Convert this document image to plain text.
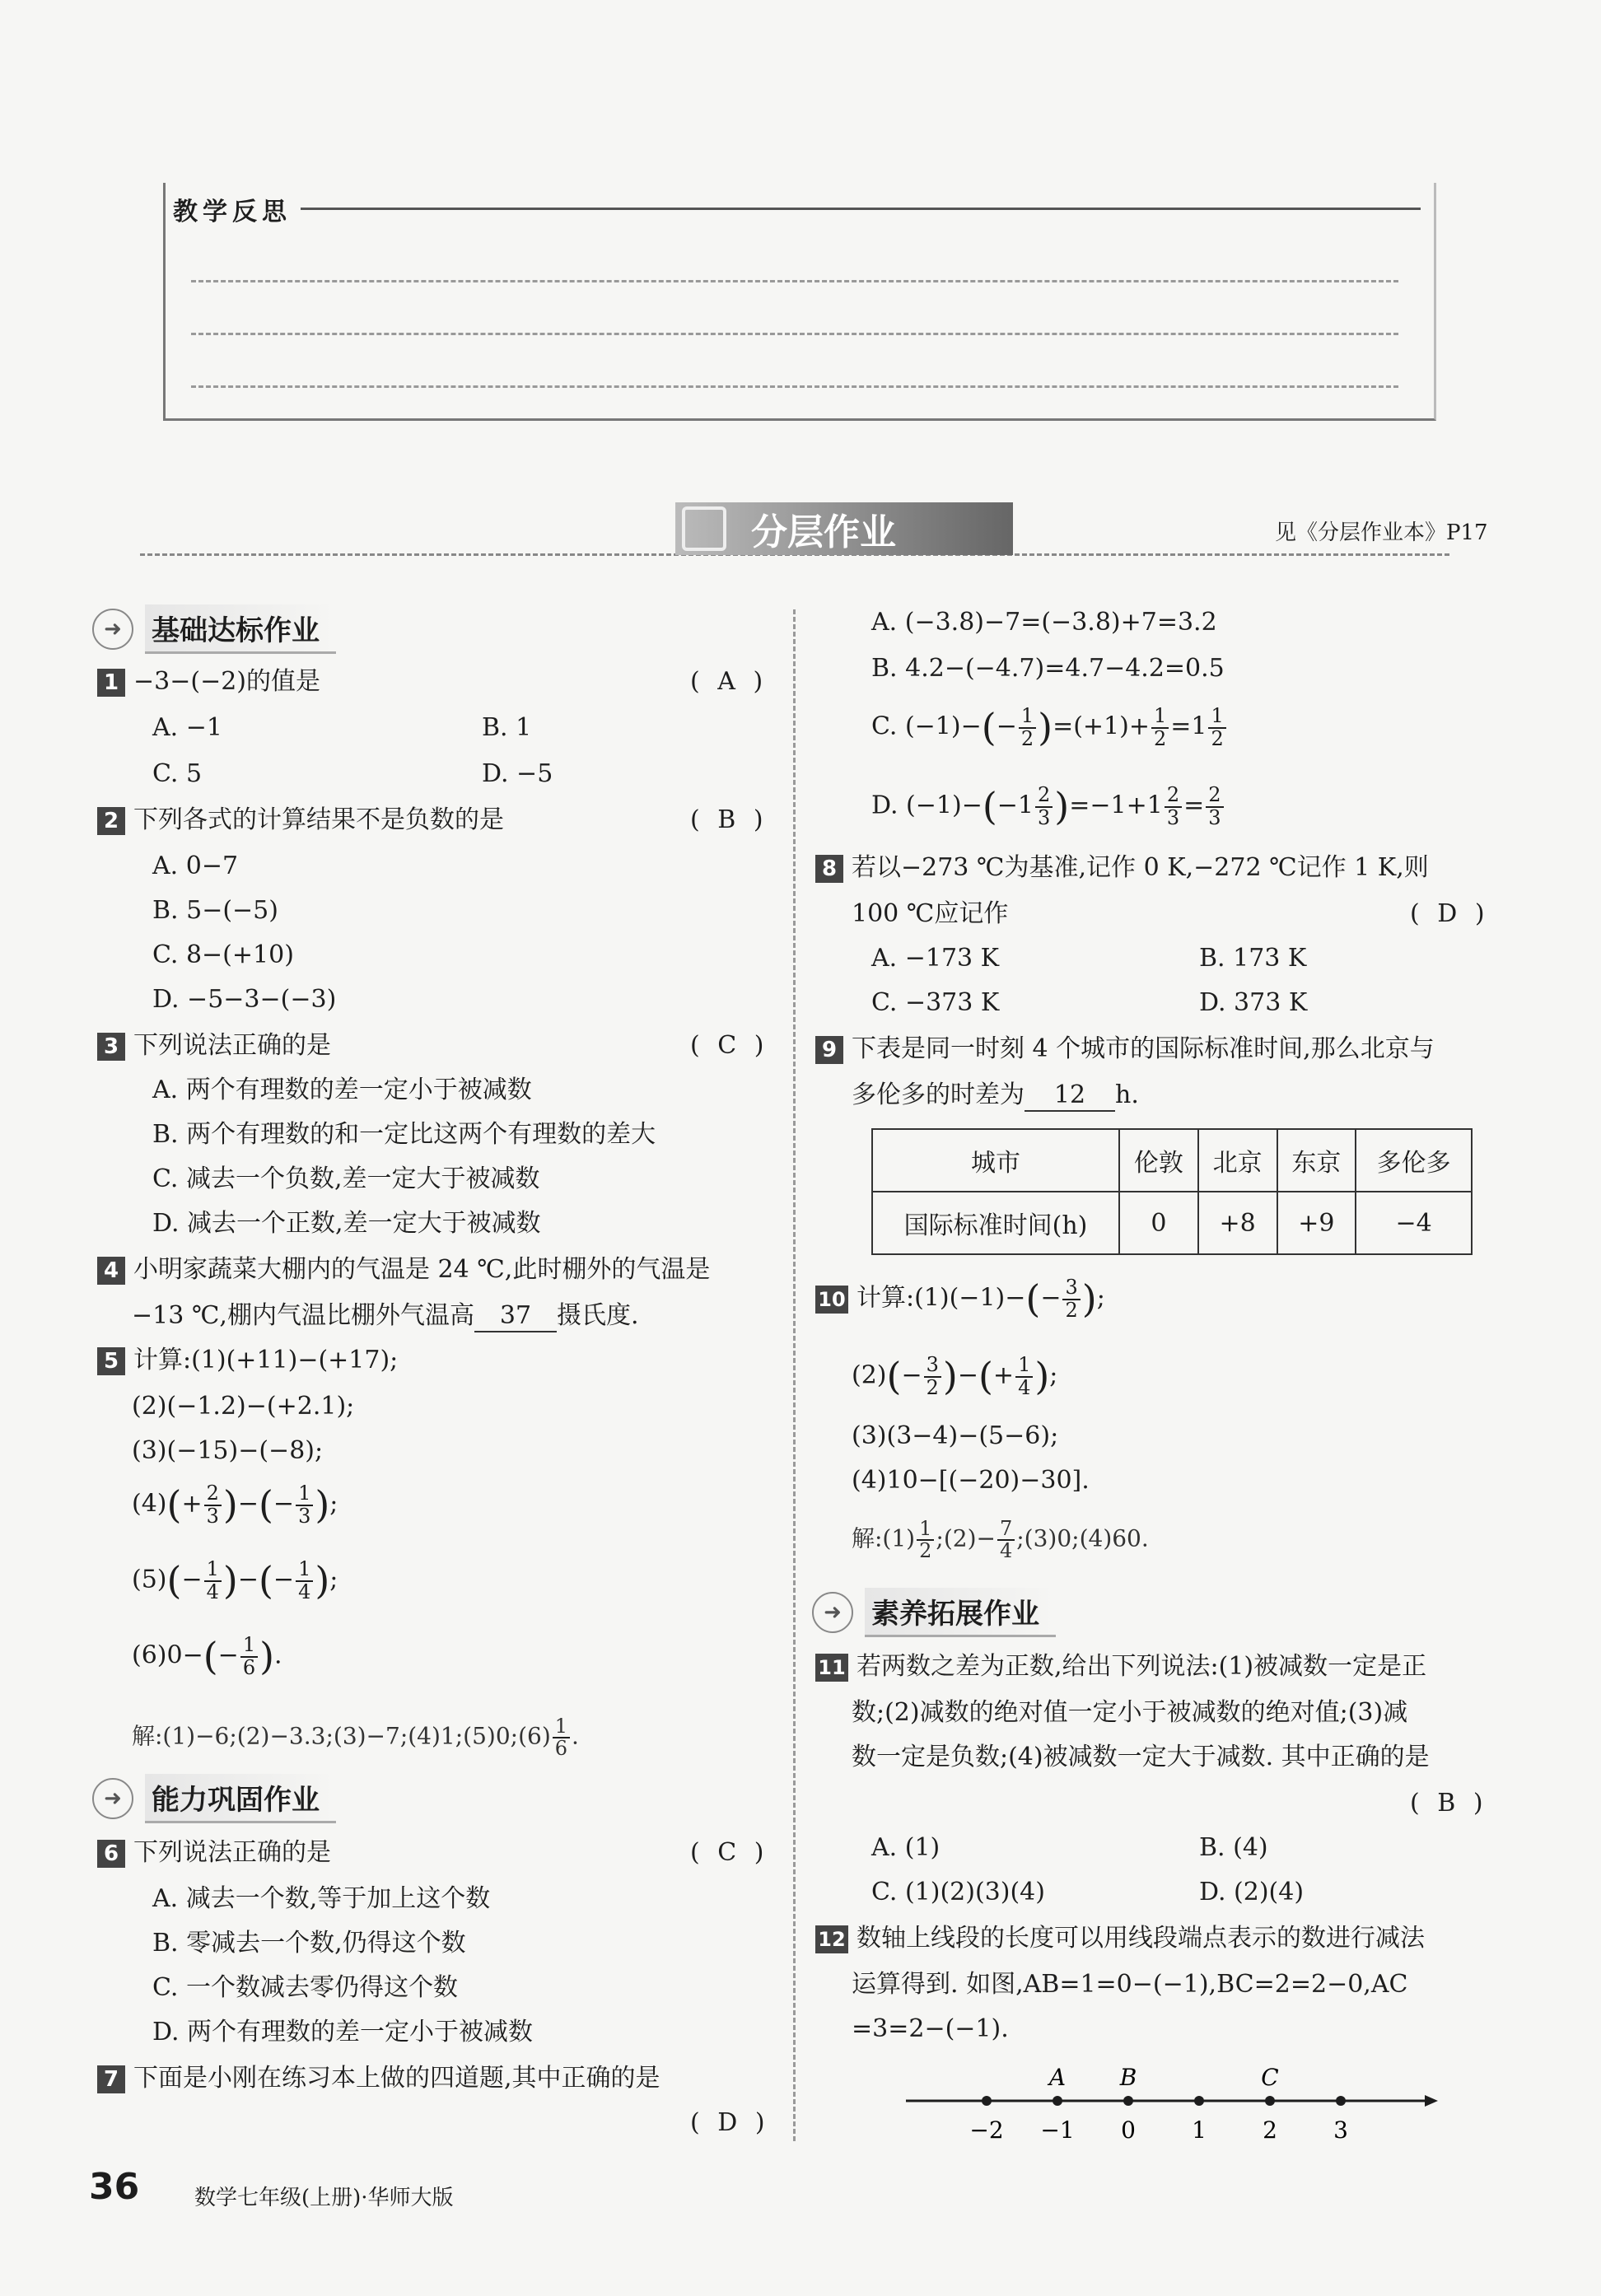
教学反思
分层作业	见《分层作业本》P17
➜	基础达标作业
1 −3−(−2)的值是	( A )
A. −1	B. 1
C. 5	D. −5
2 下列各式的计算结果不是负数的是	( B )
A. 0−7
B. 5−(−5)
C. 8−(+10)
D. −5−3−(−3)
3 下列说法正确的是	( C )
A. 两个有理数的差一定小于被减数
B. 两个有理数的和一定比这两个有理数的差大
C. 减去一个负数,差一定大于被减数
D. 减去一个正数,差一定大于被减数
4 小明家蔬菜大棚内的气温是 24 ℃,此时棚外的气温是
−13 ℃,棚内气温比棚外气温高 37 摄氏度.
5 计算:(1)(+11)−(+17);
(2)(−1.2)−(+2.1);
(3)(−15)−(−8);
$(4)(+ \frac{2}{3}$ )−(− $\frac{1}{3}$ );
$(5)(- \frac{1}{4}$ )−(− $\frac{1}{4}$ );
$(6)0-(- \frac{1}{6}$ ).
解:(1)−6;(2)−3.3;(3)−7;(4)1;(5)0;(6) $\frac{1}{6}$ .
➜	能力巩固作业
6 下列说法正确的是	( C )
A. 减去一个数,等于加上这个数
B. 零减去一个数,仍得这个数
C. 一个数减去零仍得这个数
D. 两个有理数的差一定小于被减数
7 下面是小刚在练习本上做的四道题,其中正确的是
( D )
A. (−3.8)−7=(−3.8)+7=3.2
B. 4.2−(−4.7)=4.7−4.2=0.5
C. $(-1)-(- \frac{1}{2} )=(+1)+ \frac{1}{2} =1 \frac{1}{2}$
D. $(-1)-(-1 \frac{2}{3} )=-1+1 \frac{2}{3} = \frac{2}{3}$
8 若以−273 ℃为基准,记作 0 K,−272 ℃记作 1 K,则
100 ℃应记作	( D )
A. −173 K	B. 173 K
C. −373 K	D. 373 K
9 下表是同一时刻 4 个城市的国际标准时间,那么北京与
多伦多的时差为 12 h.
城市	伦敦	北京	东京	多伦多
国际标准时间(h)	0	+8	+9	−4
10 计算:(1)(−1)−(− $\frac{3}{2}$ );
$(2)(- \frac{3}{2}$ )−(+ $\frac{1}{4}$ );
(3)(3−4)−(5−6);
(4)10−[(−20)−30].
解:(1) $\frac{1}{2}$ ;(2)− $\frac{7}{4}$ ;(3)0;(4)60.
➜	素养拓展作业
11 若两数之差为正数,给出下列说法:(1)被减数一定是正
数;(2)减数的绝对值一定小于被减数的绝对值;(3)减
数一定是负数;(4)被减数一定大于减数. 其中正确的是
( B )
A. (1)	B. (4)
C. (1)(2)(3)(4)	D. (2)(4)
12 数轴上线段的长度可以用线段端点表示的数进行减法
运算得到. 如图,AB=1=0−(−1),BC=2=2−0,AC
=3=2−(−1).
−2 −1 0 1 2 3
A B	C
36	数学七年级(上册)·华师大版
